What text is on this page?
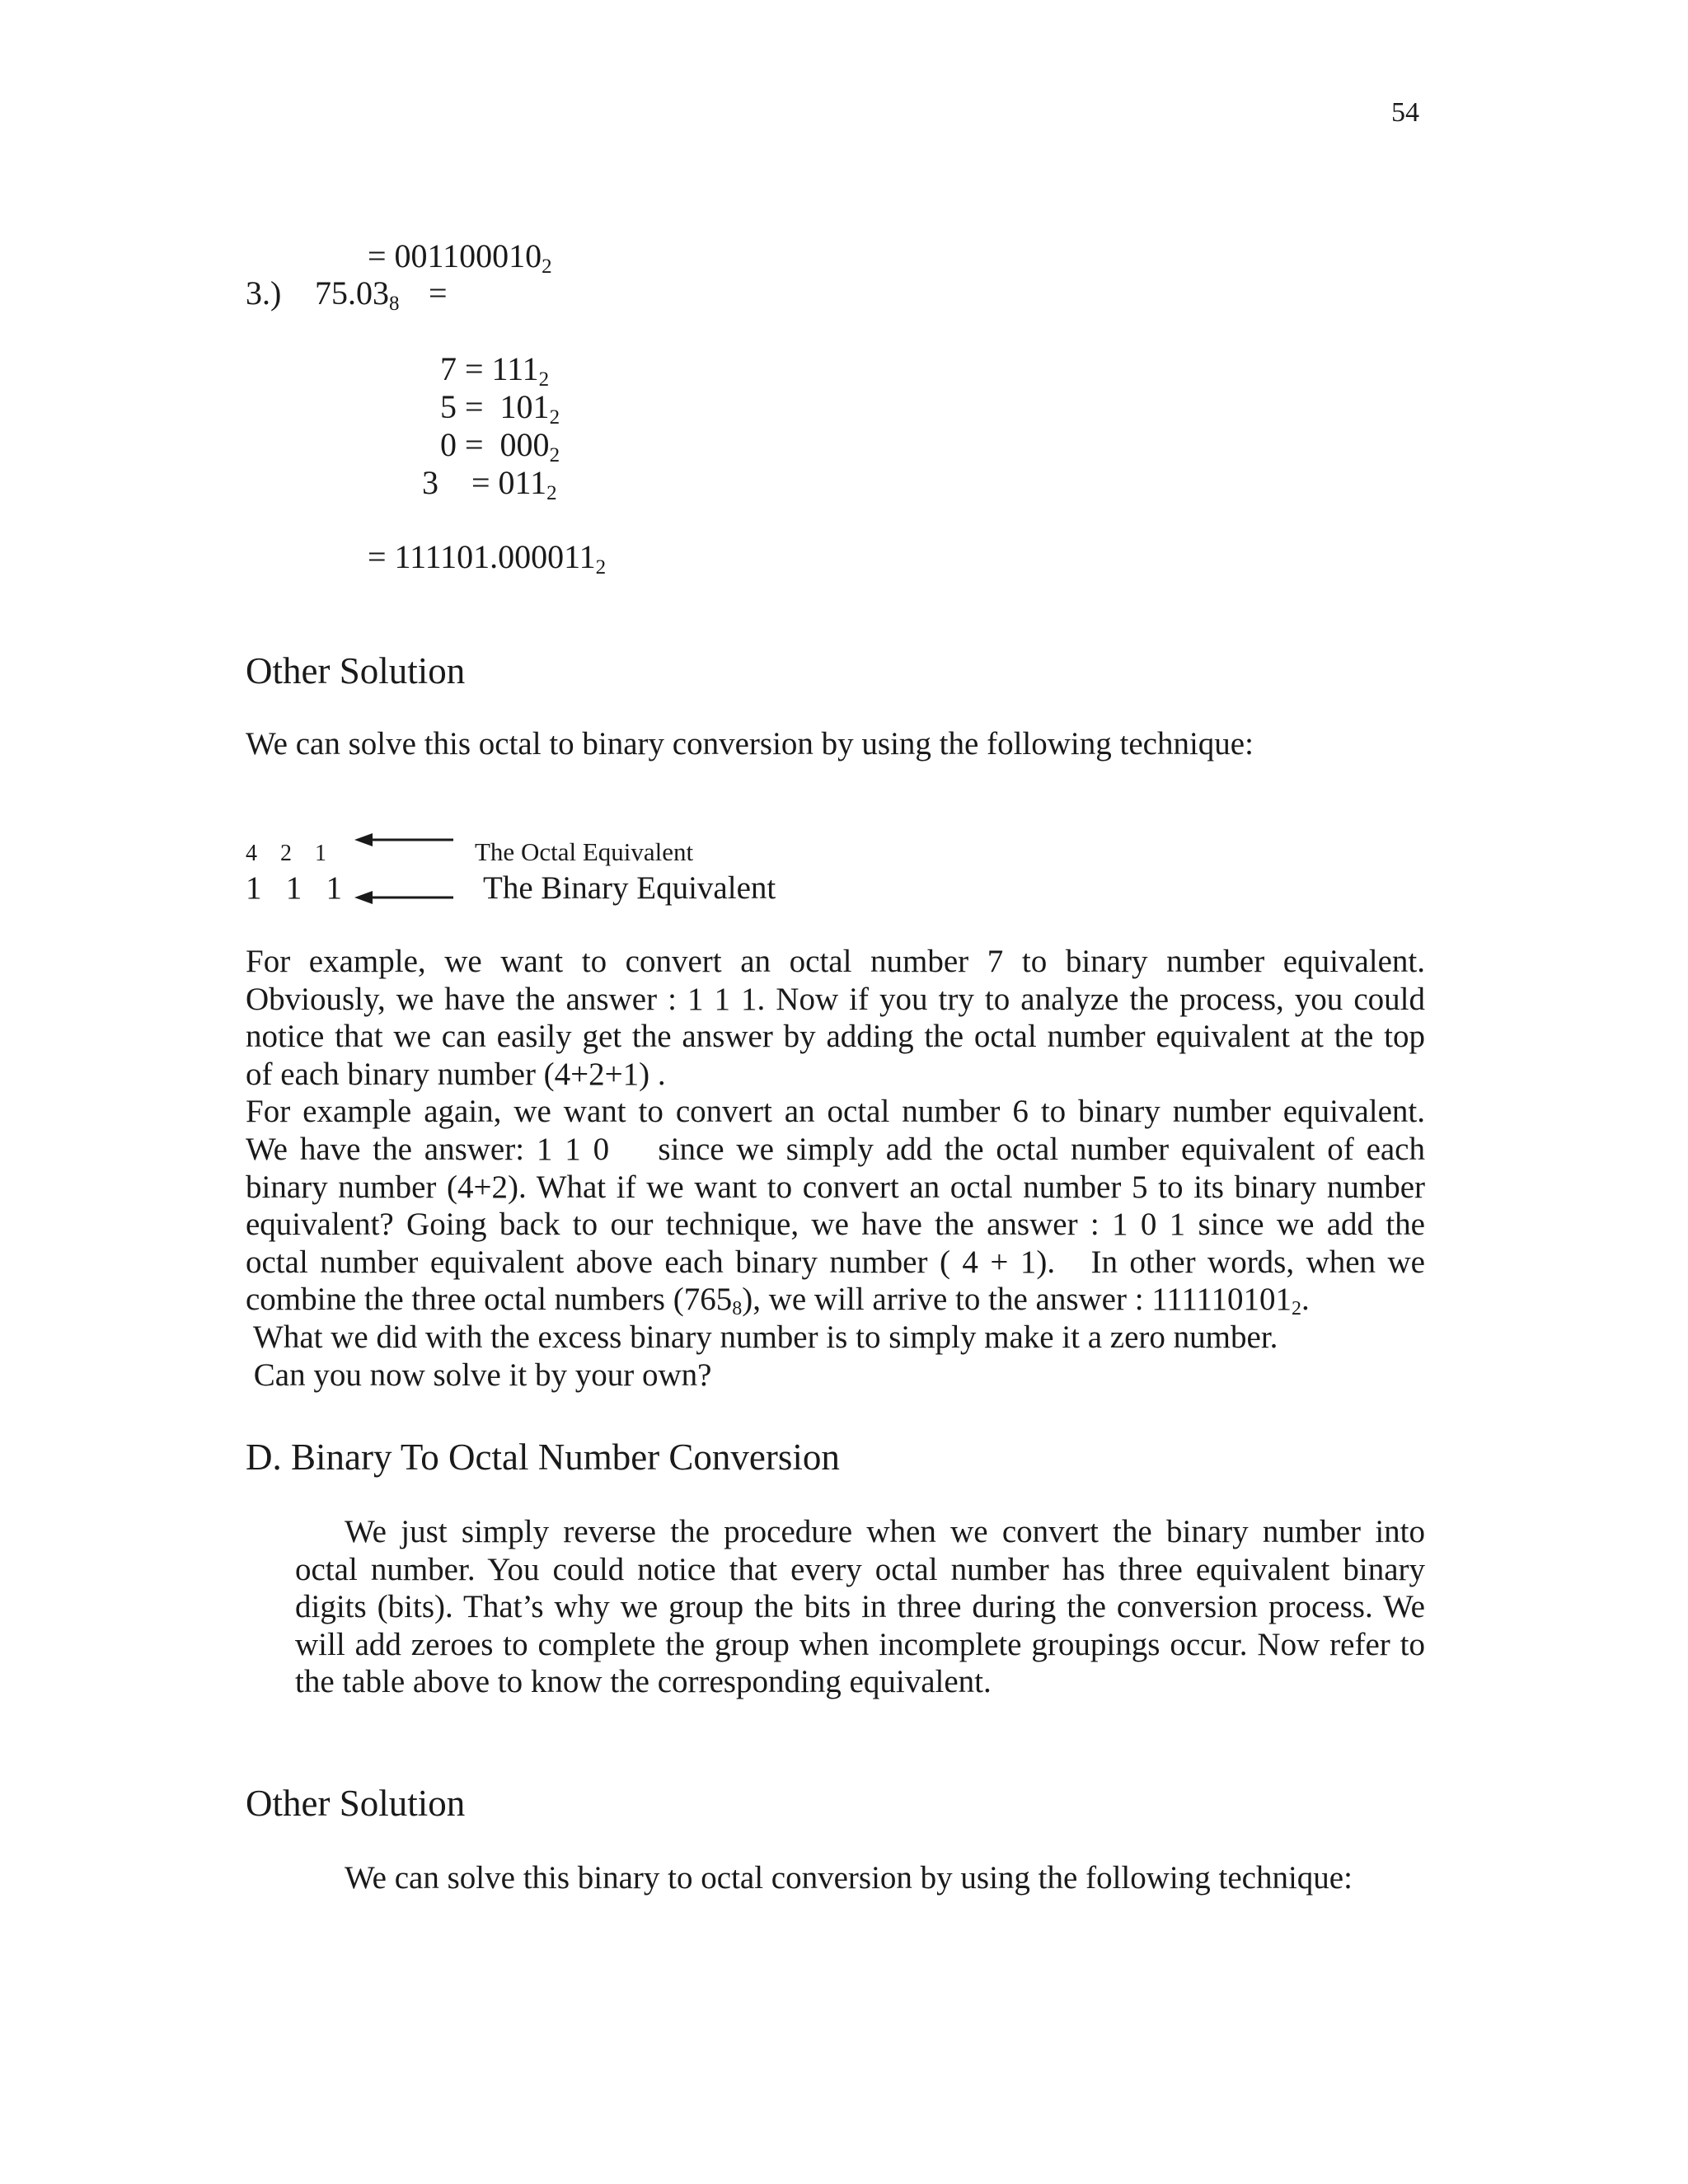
54
= $001100010_2$
3.) $75.03_8$ =
$7 = 111_2$
$5 = 101_2$
$0 = 000_2$
3    = $011_2$
= $111101.000011_2$
Other Solution
We can solve this octal to binary conversion by using the following technique:
4    2    1
1   1   1
The Octal Equivalent
The Binary Equivalent
For example, we want to convert an octal number 7 to binary number equivalent.
Obviously, we have the answer : 1 1 1. Now if you try to analyze the process, you could
notice that we can easily get the answer by adding the octal number equivalent at the top
of each binary number (4+2+1) .
For example again, we want to convert an octal number 6 to binary number equivalent.
We have the answer: 1 1 0    since we simply add the octal number equivalent of each
binary number (4+2). What if we want to convert an octal number 5 to its binary number
equivalent? Going back to our technique, we have the answer : 1 0 1 since we add the
octal number equivalent above each binary number ( 4 + 1).   In other words, when we
combine the three octal numbers $(765_8)$, we will arrive to the answer : $111110101_2$.
What we did with the excess binary number is to simply make it a zero number.
Can you now solve it by your own?
D. Binary To Octal Number Conversion
We just simply reverse the procedure when we convert the binary number into
octal number. You could notice that every octal number has three equivalent binary
digits (bits). That’s why we group the bits in three during the conversion process. We
will add zeroes to complete the group when incomplete groupings occur. Now refer to
the table above to know the corresponding equivalent.
Other Solution
We can solve this binary to octal conversion by using the following technique:
